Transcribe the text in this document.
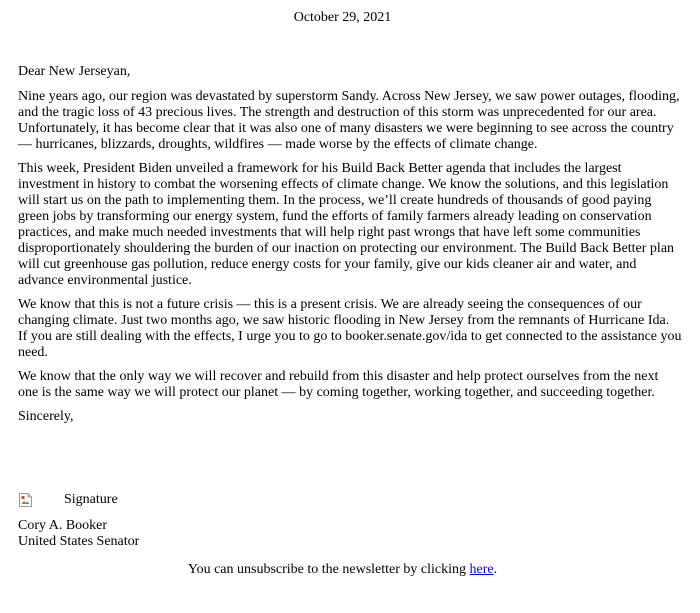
October 29, 2021

Dear New Jerseyan,

Nine years ago, our region was devastated by superstorm Sandy. Across New Jersey, we saw power outages, flooding, and the tragic loss of 43 precious lives. The strength and destruction of this storm was unprecedented for our area. Unfortunately, it has become clear that it was also one of many disasters we were beginning to see across the country — hurricanes, blizzards, droughts, wildfires — made worse by the effects of climate change.

This week, President Biden unveiled a framework for his Build Back Better agenda that includes the largest investment in history to combat the worsening effects of climate change. We know the solutions, and this legislation will start us on the path to implementing them. In the process, we’ll create hundreds of thousands of good paying green jobs by transforming our energy system, fund the efforts of family farmers already leading on conservation practices, and make much needed investments that will help right past wrongs that have left some communities disproportionately shouldering the burden of our inaction on protecting our environment. The Build Back Better plan will cut greenhouse gas pollution, reduce energy costs for your family, give our kids cleaner air and water, and advance environmental justice.

We know that this is not a future crisis — this is a present crisis. We are already seeing the consequences of our changing climate. Just two months ago, we saw historic flooding in New Jersey from the remnants of Hurricane Ida. If you are still dealing with the effects, I urge you to go to booker.senate.gov/ida to get connected to the assistance you need.

We know that the only way we will recover and rebuild from this disaster and help protect ourselves from the next one is the same way we will protect our planet — by coming together, working together, and succeeding together.

Sincerely,

Signature
Cory A. Booker
United States Senator
You can unsubscribe to the newsletter by clicking here.
